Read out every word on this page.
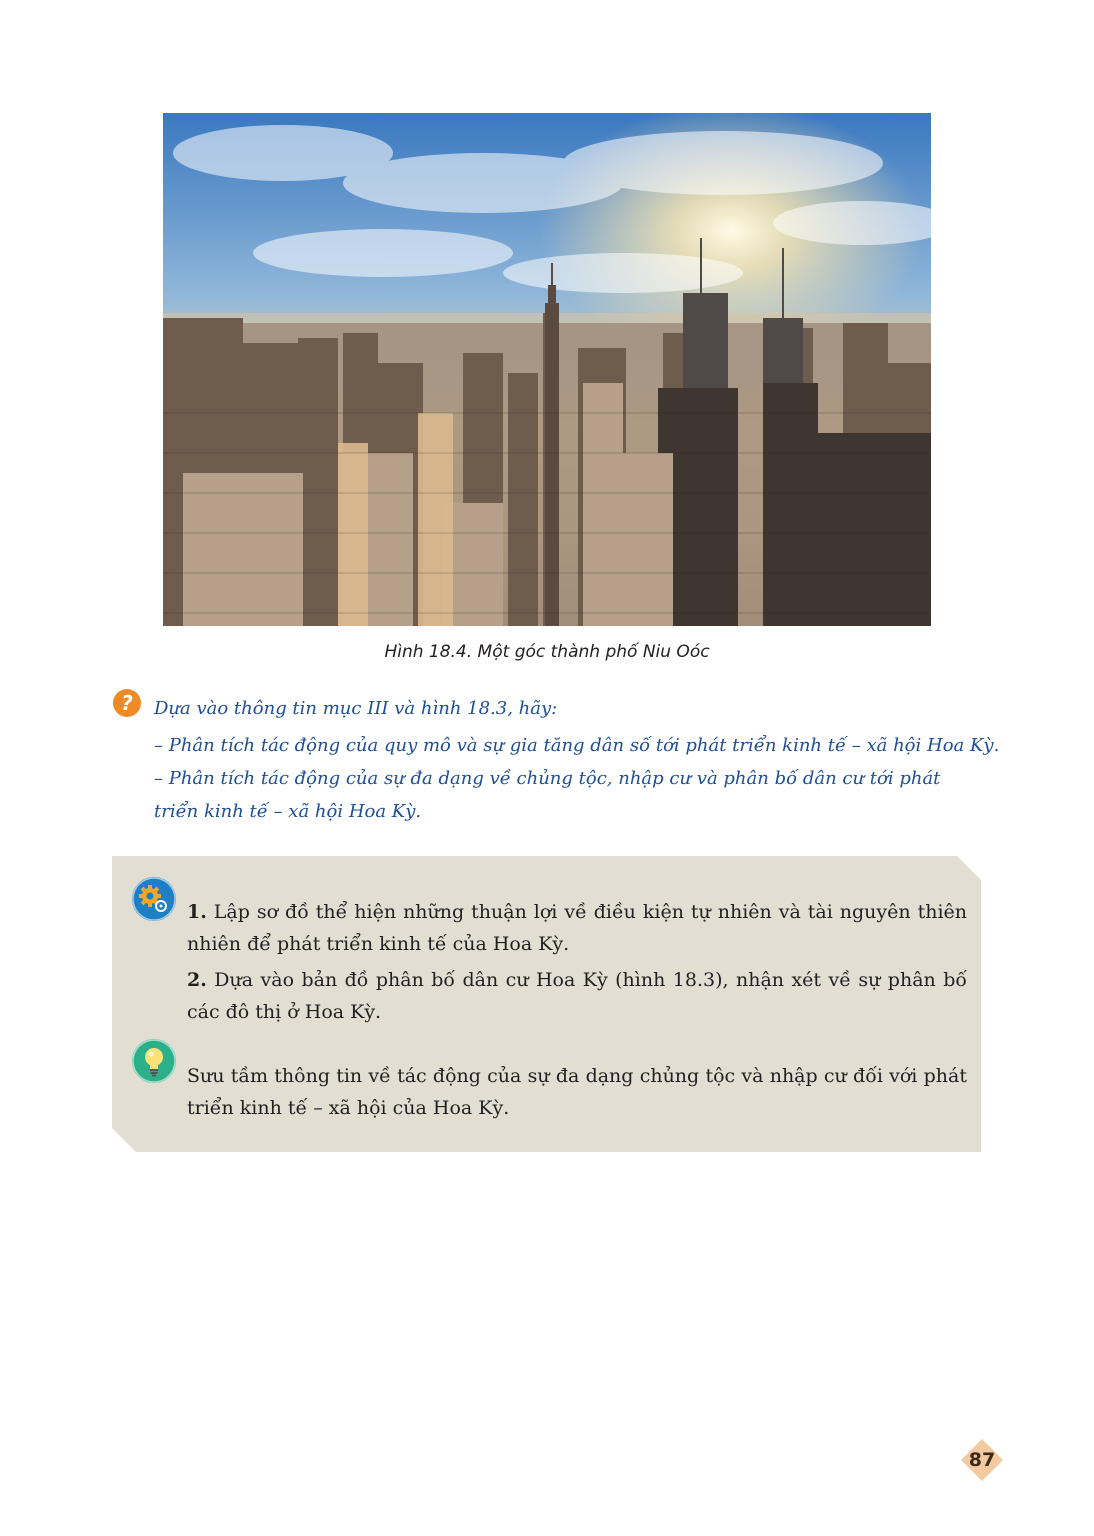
Hình 18.4. Một góc thành phố Niu Oóc
? Dựa vào thông tin mục III và hình 18.3, hãy:
– Phân tích tác động của quy mô và sự gia tăng dân số tới phát triển kinh tế – xã hội Hoa Kỳ.
– Phân tích tác động của sự đa dạng về chủng tộc, nhập cư và phân bố dân cư tới phát triển kinh tế – xã hội Hoa Kỳ.
1. Lập sơ đồ thể hiện những thuận lợi về điều kiện tự nhiên và tài nguyên thiên nhiên để phát triển kinh tế của Hoa Kỳ.
2. Dựa vào bản đồ phân bố dân cư Hoa Kỳ (hình 18.3), nhận xét về sự phân bố các đô thị ở Hoa Kỳ.
Sưu tầm thông tin về tác động của sự đa dạng chủng tộc và nhập cư đối với phát triển kinh tế – xã hội của Hoa Kỳ.
87
